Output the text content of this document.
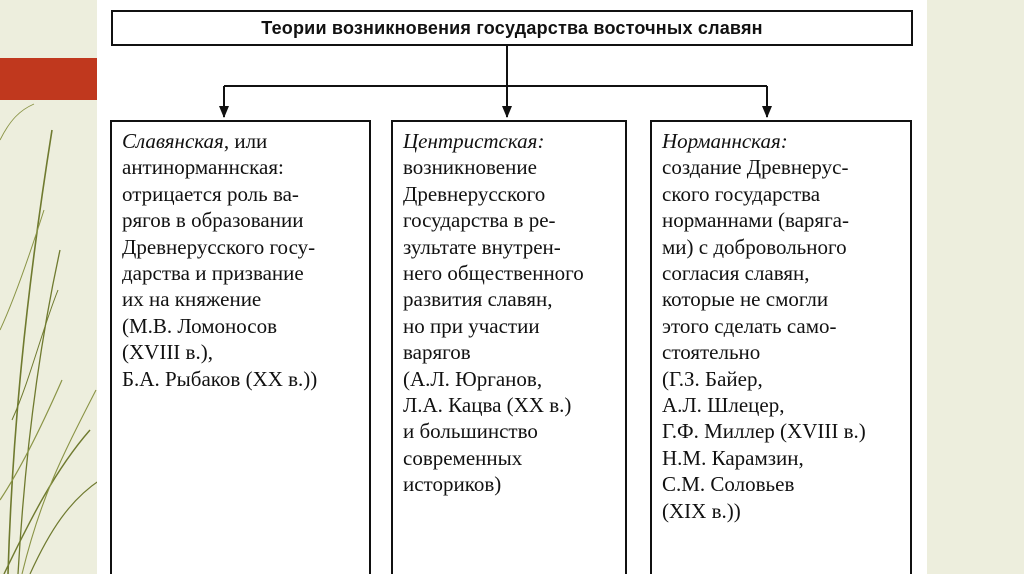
Теории возникновения государства восточных славян
Славянская, или
антинорманнская:
отрицается роль ва-
рягов в образовании
Древнерусского госу-
дарства и призвание
их на княжение
(М.В. Ломоносов
(XVIII в.),
Б.А. Рыбаков (XX в.))
Центристская:
возникновение
Древнерусского
государства в ре-
зультате внутрен-
него общественного
развития славян,
но при участии
варягов
(А.Л. Юрганов,
Л.А. Кацва (XX в.)
и большинство
современных
историков)
Норманнская:
создание Древнерус-
ского государства
норманнами (варяга-
ми) с добровольного
согласия славян,
которые не смогли
этого сделать само-
стоятельно
(Г.З. Байер,
А.Л. Шлецер,
Г.Ф. Миллер (XVIII в.)
Н.М. Карамзин,
С.М. Соловьев
(XIX в.))
